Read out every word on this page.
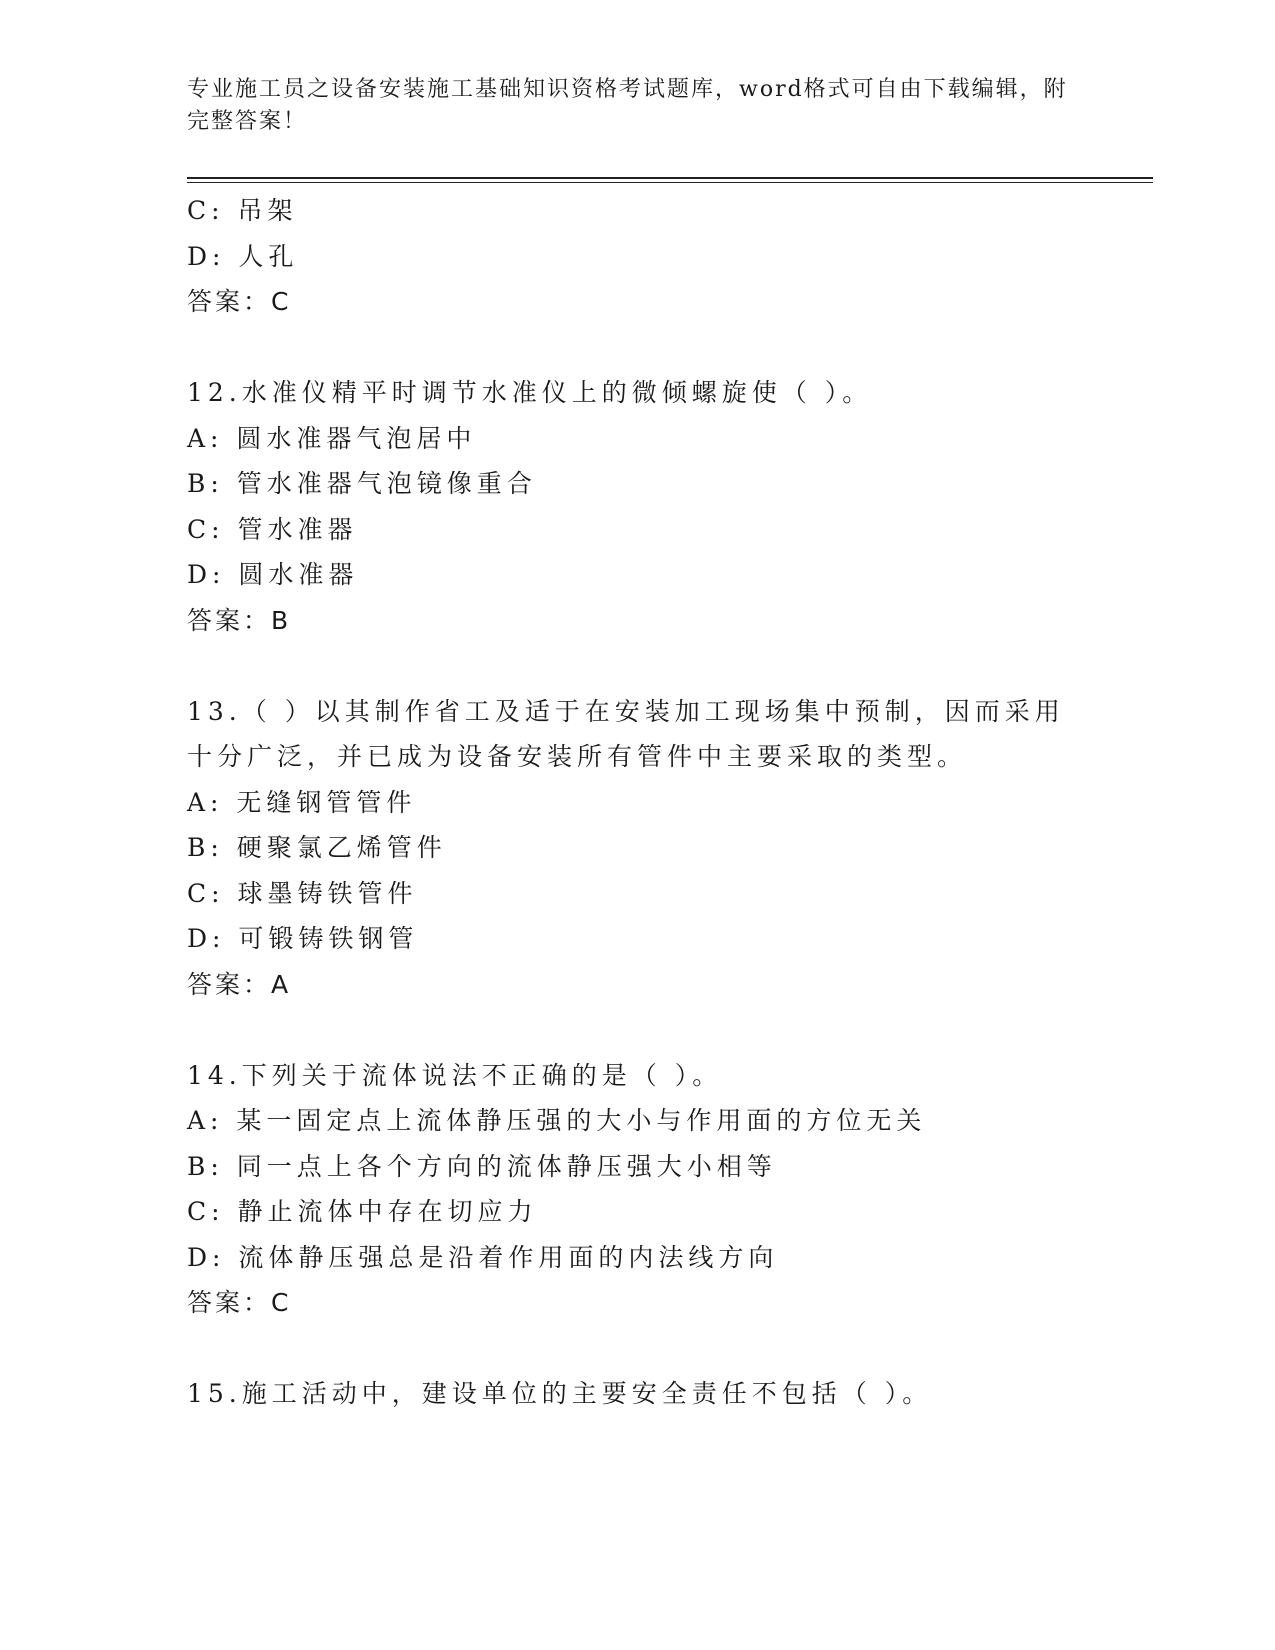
专业施工员之设备安装施工基础知识资格考试题库，word格式可自由下载编辑，附完整答案！
C: 吊架
D: 人孔
答案：C
12.水准仪精平时调节水准仪上的微倾螺旋使（ ）。
A: 圆水准器气泡居中
B: 管水准器气泡镜像重合
C: 管水准器
D: 圆水准器
答案：B
13.（ ）以其制作省工及适于在安装加工现场集中预制，因而采用十分广泛，并已成为设备安装所有管件中主要采取的类型。
A: 无缝钢管管件
B: 硬聚氯乙烯管件
C: 球墨铸铁管件
D: 可锻铸铁钢管
答案：A
14.下列关于流体说法不正确的是（ ）。
A: 某一固定点上流体静压强的大小与作用面的方位无关
B: 同一点上各个方向的流体静压强大小相等
C: 静止流体中存在切应力
D: 流体静压强总是沿着作用面的内法线方向
答案：C
15.施工活动中，建设单位的主要安全责任不包括（ ）。
